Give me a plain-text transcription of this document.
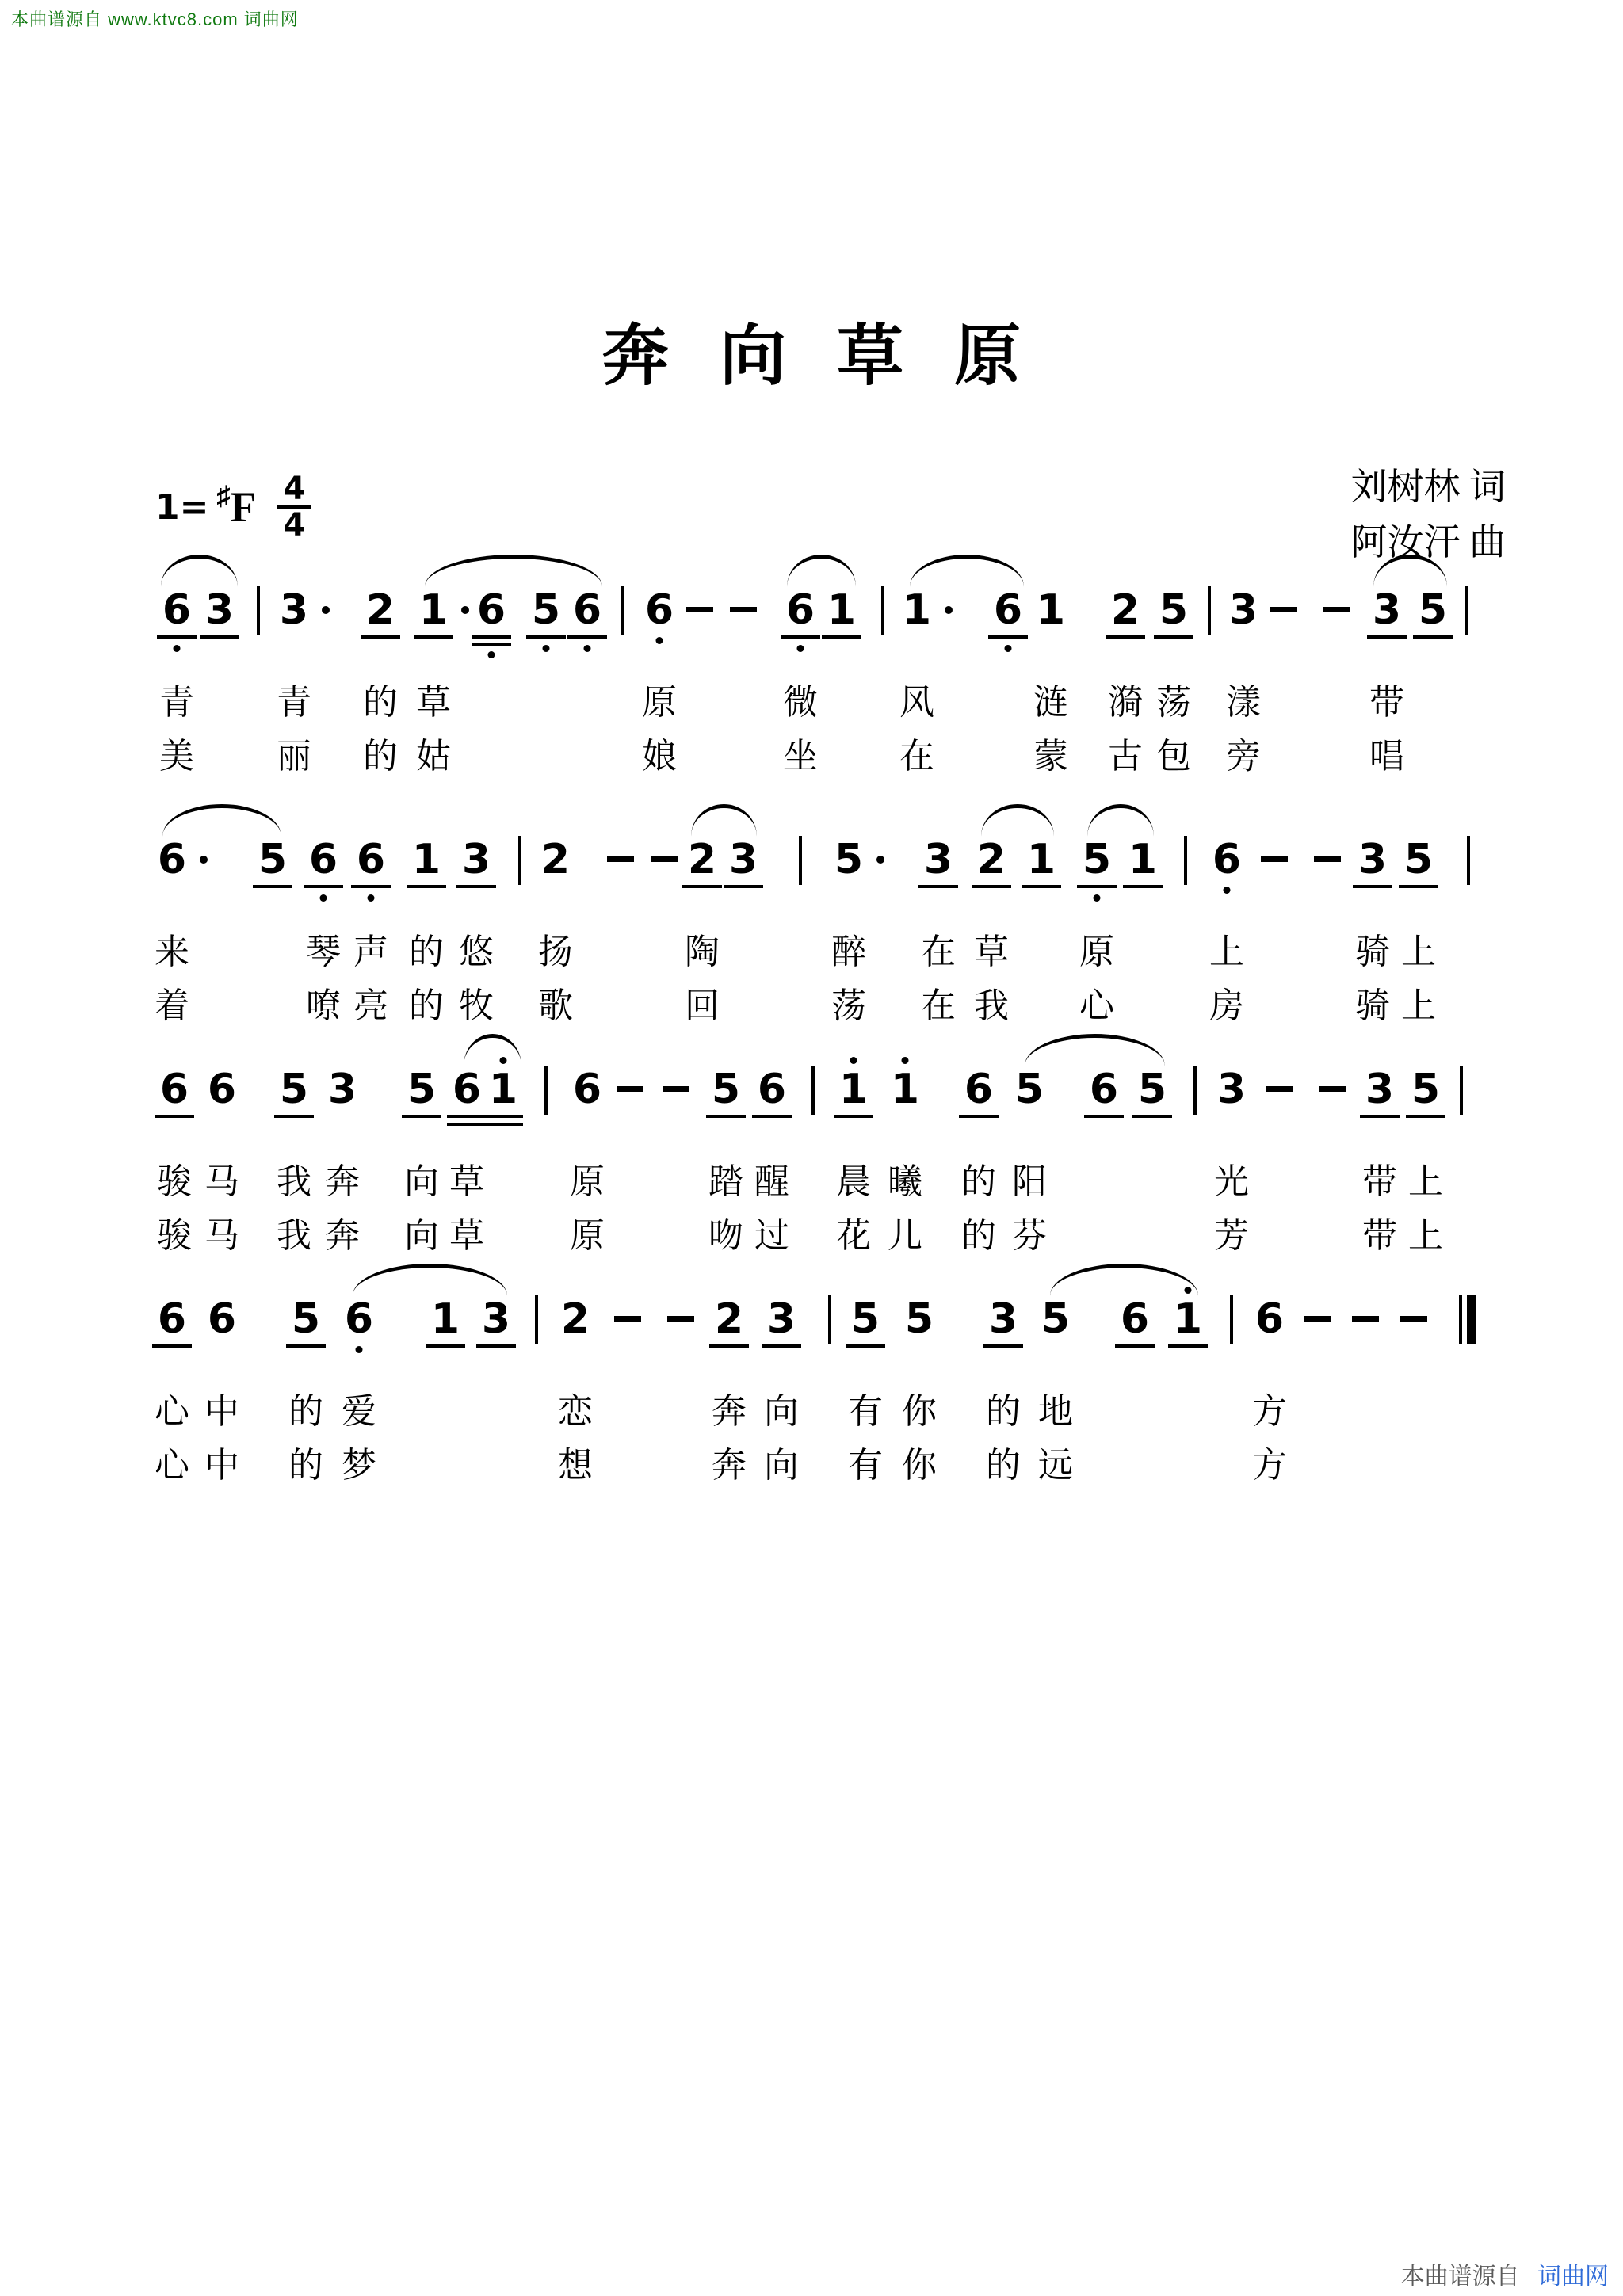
本曲谱源自 www.ktvc8.com 词曲网
奔向草原
1= ♯ F $\frac{4}{4}$	刘树林 词
阿汝汗 曲
6
青
美
3 3
青
丽
2
的
的
1
草
姑
6 5 6 6
原
娘
6
微
坐
1 1
风
在
6 1
涟
蒙
2
漪
古
5
荡
包
3
漾
旁
3
带
唱
5
6
来
着
5 6
琴
嘹
6
声
亮
1
的
的
3
悠
牧
2
扬
歌
2
陶
回
3 5
醉
荡
3
在
在
2
草
我
1 5
原
心
1 6
上
房
3
骑
骑
5
上
上
6
骏
骏
6
马
马
5
我
我
3
奔
奔
5
向
向
6
草
草
1 6
原
原
5
踏
吻
6
醒
过
1
晨
花
1
曦
儿
6
的
的
5
阳
芬
6 5 3
光
芳
3
带
带
5
上
上
6
心
心
6
中
中
5
的
的
6
爱
梦
1 3 2
恋
想
2
奔
奔
3
向
向
5
有
有
5
你
你
3
的
的
5
地
远
6 1 6
方
方
本曲谱源自 词曲网
